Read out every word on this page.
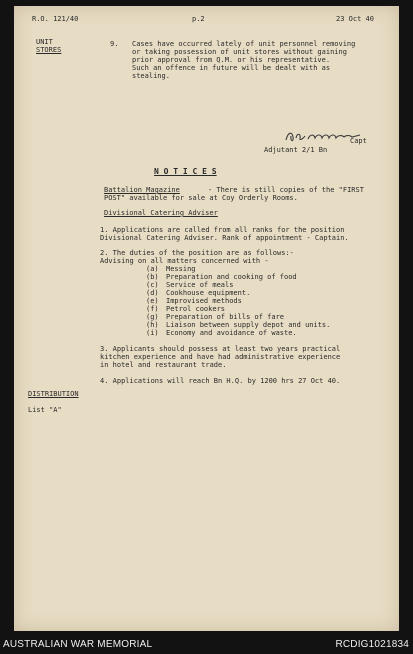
R.O. 121/40	p.2	23 Oct 40
UNIT
STORES
9. Cases have occurred lately of unit personnel removing
or taking possession of unit stores without gaining
prior approval from Q.M. or his representative.
Such an offence in future will be dealt with as
stealing.
Capt
Adjutant 2/1 Bn
N O T I C E S
Battalion Magazine	- There is still copies of the "FIRST
POST" available for sale at Coy Orderly Rooms.
Divisional Catering Adviser
1. Applications are called from all ranks for the position
Divisional Catering Adviser. Rank of appointment - Captain.
2. The duties of the position are as follows:-
Advising on all matters concerned with -
(a) Messing
(b) Preparation and cooking of food
(c) Service of meals
(d) Cookhouse equipment.
(e) Improvised methods
(f) Petrol cookers
(g) Preparation of bills of fare
(h) Liaison between supply depot and units.
(i) Economy and avoidance of waste.
3. Applicants should possess at least two years practical
kitchen experience and have had administrative experience
in hotel and restaurant trade.
4. Applications will reach Bn H.Q. by 1200 hrs 27 Oct 40.
DISTRIBUTION
List "A"
AUSTRALIAN WAR MEMORIAL	RCDIG1021834
